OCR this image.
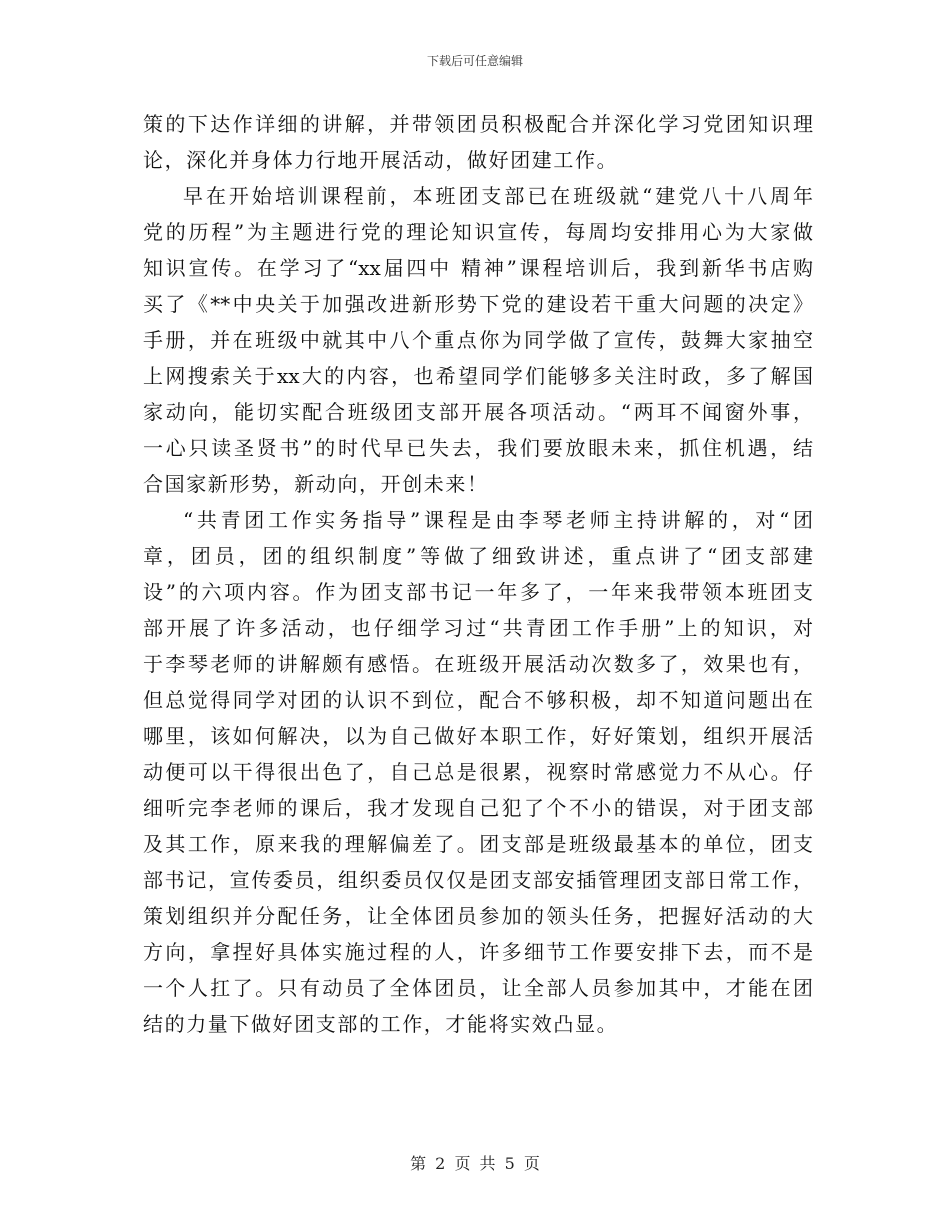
下载后可任意编辑
策的下达作详细的讲解，并带领团员积极配合并深化学习党团知识理
论，深化并身体力行地开展活动，做好团建工作。
早在开始培训课程前，本班团支部已在班级就“建党八十八周年
党的历程”为主题进行党的理论知识宣传，每周均安排用心为大家做
知识宣传。在学习了“xx届四中 精神”课程培训后，我到新华书店购
买了《**中央关于加强改进新形势下党的建设若干重大问题的决定》
手册，并在班级中就其中八个重点你为同学做了宣传，鼓舞大家抽空
上网搜索关于xx大的内容，也希望同学们能够多关注时政，多了解国
家动向，能切实配合班级团支部开展各项活动。“两耳不闻窗外事，
一心只读圣贤书”的时代早已失去，我们要放眼未来，抓住机遇，结
合国家新形势，新动向，开创未来！
“共青团工作实务指导”课程是由李琴老师主持讲解的，对“团
章，团员，团的组织制度”等做了细致讲述，重点讲了“团支部建
设”的六项内容。作为团支部书记一年多了，一年来我带领本班团支
部开展了许多活动，也仔细学习过“共青团工作手册”上的知识，对
于李琴老师的讲解颇有感悟。在班级开展活动次数多了，效果也有，
但总觉得同学对团的认识不到位，配合不够积极，却不知道问题出在
哪里，该如何解决，以为自己做好本职工作，好好策划，组织开展活
动便可以干得很出色了，自己总是很累，视察时常感觉力不从心。仔
细听完李老师的课后，我才发现自己犯了个不小的错误，对于团支部
及其工作，原来我的理解偏差了。团支部是班级最基本的单位，团支
部书记，宣传委员，组织委员仅仅是团支部安插管理团支部日常工作，
策划组织并分配任务，让全体团员参加的领头任务，把握好活动的大
方向，拿捏好具体实施过程的人，许多细节工作要安排下去，而不是
一个人扛了。只有动员了全体团员，让全部人员参加其中，才能在团
结的力量下做好团支部的工作，才能将实效凸显。
第 2 页 共 5 页
